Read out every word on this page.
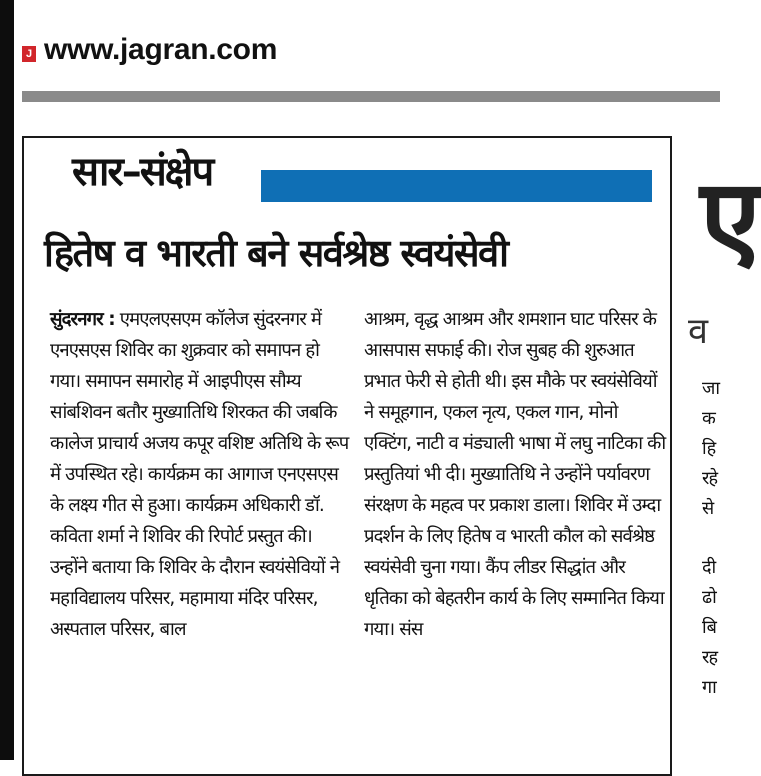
J www.jagran.com
सार–संक्षेप
हितेष व भारती बने सर्वश्रेष्ठ स्वयंसेवी
सुंदरनगर : एमएलएसएम कॉलेज सुंदरनगर में एनएसएस शिविर का शुक्रवार को समापन हो गया। समापन समारोह में आइपीएस सौम्य सांबशिवन बतौर मुख्यातिथि शिरकत की जबकि कालेज प्राचार्य अजय कपूर वशिष्ट अतिथि के रूप में उपस्थित रहे। कार्यक्रम का आगाज एनएसएस के लक्ष्य गीत से हुआ। कार्यक्रम अधिकारी डॉ. कविता शर्मा ने शिविर की रिपोर्ट प्रस्तुत की। उन्होंने बताया कि शिविर के दौरान स्वयंसेवियों ने महाविद्यालय परिसर, महामाया मंदिर परिसर, अस्पताल परिसर, बाल
आश्रम, वृद्ध आश्रम और शमशान घाट परिसर के आसपास सफाई की। रोज सुबह की शुरुआत प्रभात फेरी से होती थी। इस मौके पर स्वयंसेवियों ने समूहगान, एकल नृत्य, एकल गान, मोनो एक्टिंग, नाटी व मंड्याली भाषा में लघु नाटिका की प्रस्तुतियां भी दी। मुख्यातिथि ने उन्होंने पर्यावरण संरक्षण के महत्व पर प्रकाश डाला। शिविर में उम्दा प्रदर्शन के लिए हितेष व भारती कौल को सर्वश्रेष्ठ स्वयंसेवी चुना गया। कैंप लीडर सिद्धांत और धृतिका को बेहतरीन कार्य के लिए सम्मानित किया गया। संस
ए
व
जा
क
हि
रहे
से
दी
ढो
बि
रह
गा
